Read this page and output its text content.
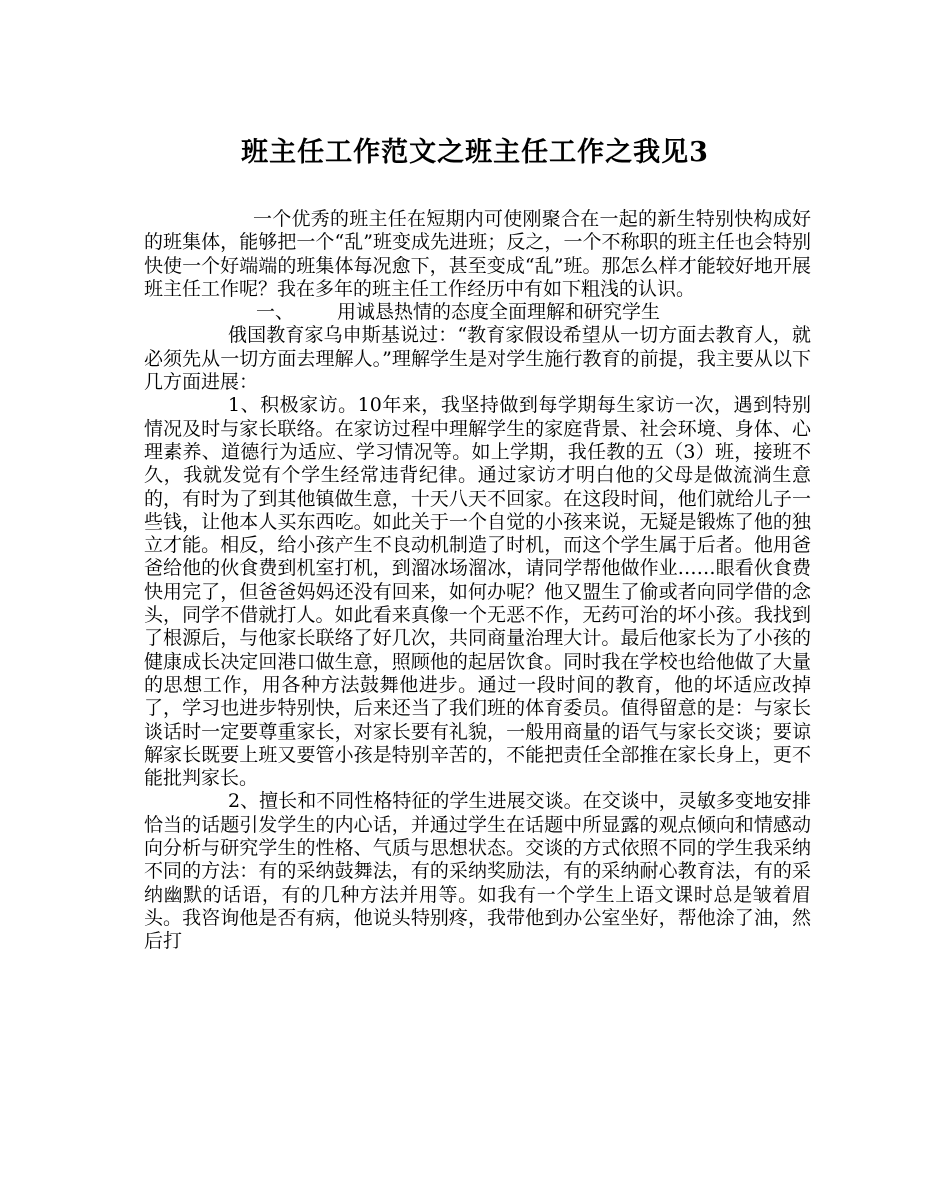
班主任工作范文之班主任工作之我见3

一个优秀的班主任在短期内可使刚聚合在一起的新生特别快构成好的班集体，能够把一个“乱”班变成先进班；反之，一个不称职的班主任也会特别快使一个好端端的班集体每况愈下，甚至变成“乱”班。那怎么样才能较好地开展班主任工作呢？我在多年的班主任工作经历中有如下粗浅的认识。

一、 用诚恳热情的态度全面理解和研究学生

俄国教育家乌申斯基说过：“教育家假设希望从一切方面去教育人，就必须先从一切方面去理解人。”理解学生是对学生施行教育的前提，我主要从以下几方面进展：

1、积极家访。10年来，我坚持做到每学期每生家访一次，遇到特别情况及时与家长联络。在家访过程中理解学生的家庭背景、社会环境、身体、心理素养、道德行为适应、学习情况等。如上学期，我任教的五（3）班，接班不久，我就发觉有个学生经常违背纪律。通过家访才明白他的父母是做流淌生意的，有时为了到其他镇做生意，十天八天不回家。在这段时间，他们就给儿子一些钱，让他本人买东西吃。如此关于一个自觉的小孩来说，无疑是锻炼了他的独立才能。相反，给小孩产生不良动机制造了时机，而这个学生属于后者。他用爸爸给他的伙食费到机室打机，到溜冰场溜冰，请同学帮他做作业……眼看伙食费快用完了，但爸爸妈妈还没有回来，如何办呢？他又盟生了偷或者向同学借的念头，同学不借就打人。如此看来真像一个无恶不作，无药可治的坏小孩。我找到了根源后，与他家长联络了好几次，共同商量治理大计。最后他家长为了小孩的健康成长决定回港口做生意，照顾他的起居饮食。同时我在学校也给他做了大量的思想工作，用各种方法鼓舞他进步。通过一段时间的教育，他的坏适应改掉了，学习也进步特别快，后来还当了我们班的体育委员。值得留意的是：与家长谈话时一定要尊重家长，对家长要有礼貌，一般用商量的语气与家长交谈；要谅解家长既要上班又要管小孩是特别辛苦的，不能把责任全部推在家长身上，更不能批判家长。

2、擅长和不同性格特征的学生进展交谈。在交谈中，灵敏多变地安排恰当的话题引发学生的内心话，并通过学生在话题中所显露的观点倾向和情感动向分析与研究学生的性格、气质与思想状态。交谈的方式依照不同的学生我采纳不同的方法：有的采纳鼓舞法，有的采纳奖励法，有的采纳耐心教育法，有的采纳幽默的话语，有的几种方法并用等。如我有一个学生上语文课时总是皱着眉头。我咨询他是否有病，他说头特别疼，我带他到办公室坐好，帮他涂了油，然后打
